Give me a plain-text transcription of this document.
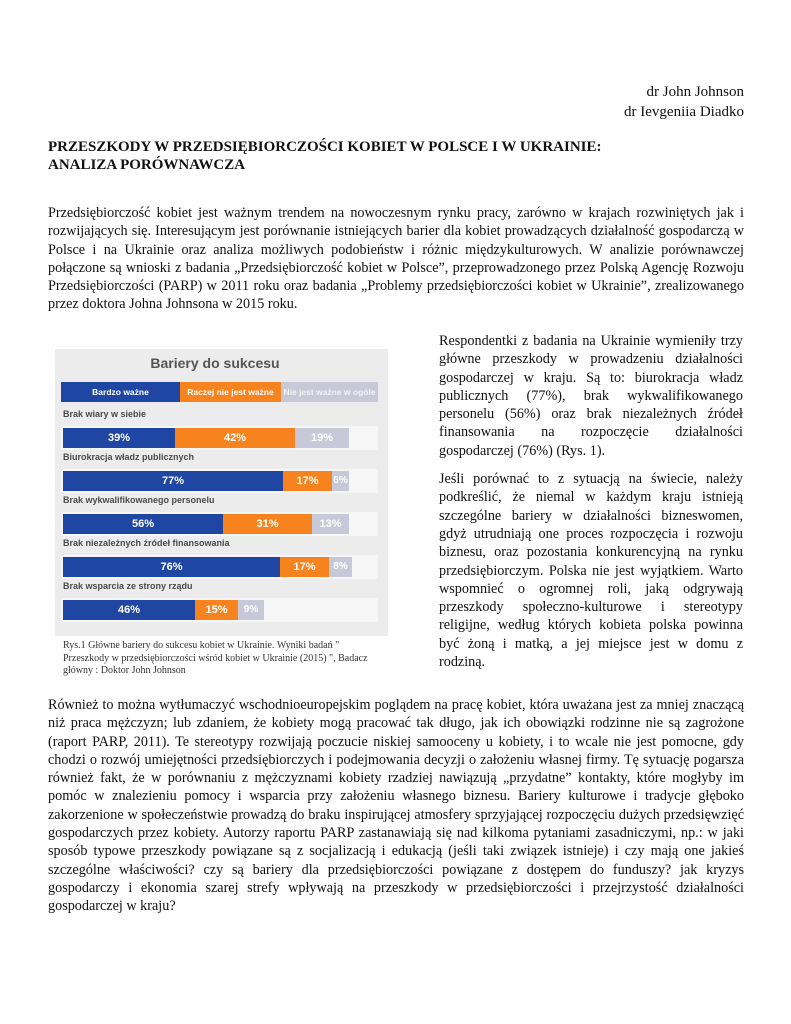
dr John Johnson
dr Ievgeniia Diadko
PRZESZKODY W PRZEDSIĘBIORCZOŚCI KOBIET W POLSCE I W UKRAINIE:
ANALIZA PORÓWNAWCZA

Przedsiębiorczość kobiet jest ważnym trendem na nowoczesnym rynku pracy, zarówno w krajach rozwiniętych jak i rozwijających się. Interesującym jest porównanie istniejących barier dla kobiet prowadzących działalność gospodarczą w Polsce i na Ukrainie oraz analiza możliwych podobieństw i różnic międzykulturowych. W analizie porównawczej połączone są wnioski z badania „Przedsiębiorczość kobiet w Polsce”, przeprowadzonego przez Polską Agencję Rozwoju Przedsiębiorczości (PARP) w 2011 roku oraz badania „Problemy przedsiębiorczości kobiet w Ukrainie”, zrealizowanego przez doktora Johna Johnsona w 2015 roku.

Bariery do sukcesu
Bardzo ważne	Raczej nie jest ważne	Nie jest ważne w ogóle
Brak wiary w siebie
39%	42%	19%
Biurokracja władz publicznych
77%	17%	6%
Brak wykwalifikowanego personelu
56%	31%	13%
Brak niezależnych źródeł finansowania
76%	17%	8%
Brak wsparcia ze strony rządu
46%	15%	9%
Rys.1 Główne bariery do sukcesu kobiet w Ukrainie. Wyniki badań " Przeszkody w przedsiębiorczości wśród kobiet w Ukrainie (2015) ", Badacz główny : Doktor John Johnson

Respondentki z badania na Ukrainie wymieniły trzy główne przeszkody w prowadzeniu działalności gospodarczej w kraju. Są to: biurokracja władz publicznych (77%), brak wykwalifikowanego personelu (56%) oraz brak niezależnych źródeł finansowania na rozpoczęcie działalności gospodarczej (76%) (Rys. 1).

Jeśli porównać to z sytuacją na świecie, należy podkreślić, że niemal w każdym kraju istnieją szczególne bariery w działalności bizneswomen, gdyż utrudniają one proces rozpoczęcia i rozwoju biznesu, oraz pozostania konkurencyjną na rynku przedsiębiorczym. Polska nie jest wyjątkiem. Warto wspomnieć o ogromnej roli, jaką odgrywają przeszkody społeczno-kulturowe i stereotypy religijne, według których kobieta polska powinna być żoną i matką, a jej miejsce jest w domu z rodziną.

Również to można wytłumaczyć wschodnioeuropejskim poglądem na pracę kobiet, która uważana jest za mniej znaczącą niż praca mężczyzn; lub zdaniem, że kobiety mogą pracować tak długo, jak ich obowiązki rodzinne nie są zagrożone (raport PARP, 2011). Te stereotypy rozwijają poczucie niskiej samooceny u kobiety, i to wcale nie jest pomocne, gdy chodzi o rozwój umiejętności przedsiębiorczych i podejmowania decyzji o założeniu własnej firmy. Tę sytuację pogarsza również fakt, że w porównaniu z mężczyznami kobiety rzadziej nawiązują „przydatne” kontakty, które mogłyby im pomóc w znalezieniu pomocy i wsparcia przy założeniu własnego biznesu. Bariery kulturowe i tradycje głęboko zakorzenione w społeczeństwie prowadzą do braku inspirującej atmosfery sprzyjającej rozpoczęciu dużych przedsięwzięć gospodarczych przez kobiety. Autorzy raportu PARP zastanawiają się nad kilkoma pytaniami zasadniczymi, np.: w jaki sposób typowe przeszkody powiązane są z socjalizacją i edukacją (jeśli taki związek istnieje) i czy mają one jakieś szczególne właściwości? czy są bariery dla przedsiębiorczości powiązane z dostępem do funduszy? jak kryzys gospodarczy i ekonomia szarej strefy wpływają na przeszkody w przedsiębiorczości i przejrzystość działalności gospodarczej w kraju?
